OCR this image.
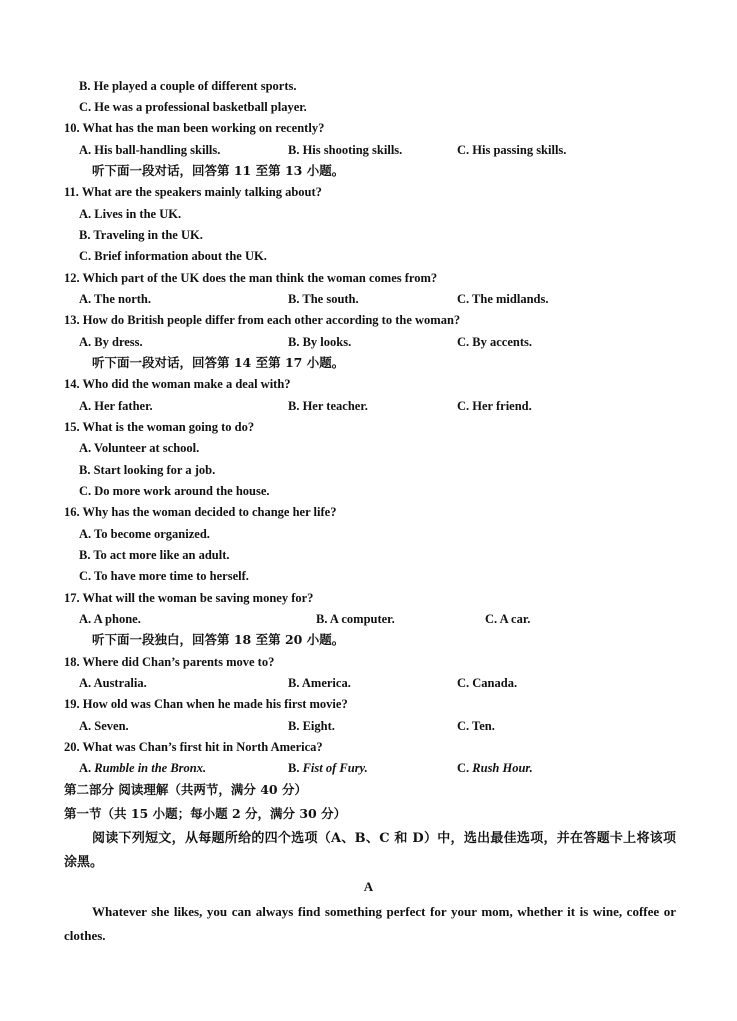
B. He played a couple of different sports.
C. He was a professional basketball player.
10. What has the man been working on recently?
A. His ball-handling skills.	B. His shooting skills.	C. His passing skills.
听下面一段对话，回答第 11 至第 13 小题。
11. What are the speakers mainly talking about?
A. Lives in the UK.
B. Traveling in the UK.
C. Brief information about the UK.
12. Which part of the UK does the man think the woman comes from?
A. The north.	B. The south.	C. The midlands.
13. How do British people differ from each other according to the woman?
A. By dress.	B. By looks.	C. By accents.
听下面一段对话，回答第 14 至第 17 小题。
14. Who did the woman make a deal with?
A. Her father.	B. Her teacher.	C. Her friend.
15. What is the woman going to do?
A. Volunteer at school.
B. Start looking for a job.
C. Do more work around the house.
16. Why has the woman decided to change her life?
A. To become organized.
B. To act more like an adult.
C. To have more time to herself.
17. What will the woman be saving money for?
A. A phone.	B. A computer.	C. A car.
听下面一段独白，回答第 18 至第 20 小题。
18. Where did Chan’s parents move to?
A. Australia.	B. America.	C. Canada.
19. How old was Chan when he made his first movie?
A. Seven.	B. Eight.	C. Ten.
20. What was Chan’s first hit in North America?
A. Rumble in the Bronx.	B. Fist of Fury.	C. Rush Hour.
第二部分 阅读理解（共两节，满分 40 分）
第一节（共 15 小题；每小题 2 分，满分 30 分）
阅读下列短文，从每题所给的四个选项（A、B、C 和 D）中，选出最佳选项，并在答题卡上将该项涂黑。
A
Whatever she likes, you can always find something perfect for your mom, whether it is wine, coffee or clothes.
